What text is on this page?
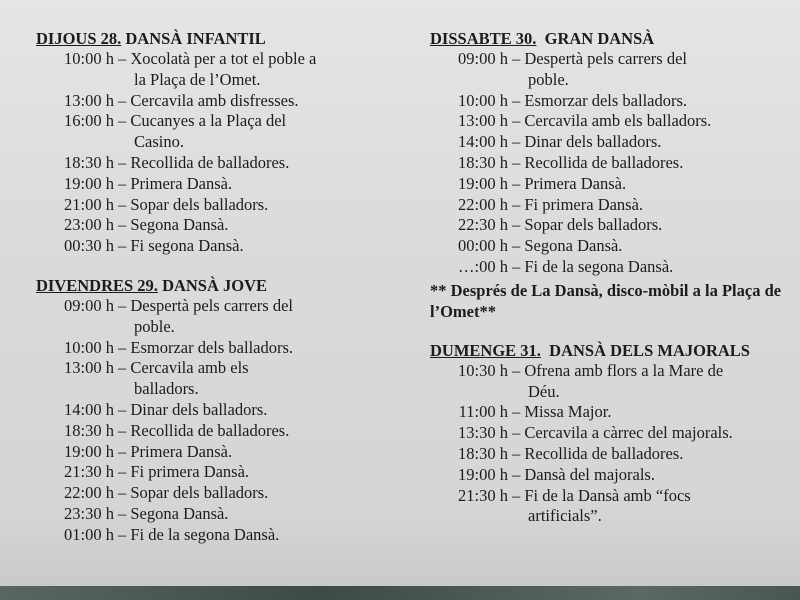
DIJOUS 28. DANSÀ INFANTIL
10:00 h – Xocolatà per a tot el poble a
la Plaça de l’Omet.
13:00 h – Cercavila amb disfresses.
16:00 h – Cucanyes a la Plaça del
Casino.
18:30 h – Recollida de balladores.
19:00 h – Primera Dansà.
21:00 h – Sopar dels balladors.
23:00 h – Segona Dansà.
00:30 h – Fi segona Dansà.
DIVENDRES 29. DANSÀ JOVE
09:00 h – Despertà pels carrers del
poble.
10:00 h – Esmorzar dels balladors.
13:00 h – Cercavila amb els
balladors.
14:00 h – Dinar dels balladors.
18:30 h – Recollida de balladores.
19:00 h – Primera Dansà.
21:30 h – Fi primera Dansà.
22:00 h – Sopar dels balladors.
23:30 h – Segona Dansà.
01:00 h – Fi de la segona Dansà.
DISSABTE 30.  GRAN DANSÀ
09:00 h – Despertà pels carrers del
poble.
10:00 h – Esmorzar dels balladors.
13:00 h – Cercavila amb els balladors.
14:00 h – Dinar dels balladors.
18:30 h – Recollida de balladores.
19:00 h – Primera Dansà.
22:00 h – Fi primera Dansà.
22:30 h – Sopar dels balladors.
00:00 h – Segona Dansà.
…:00 h – Fi de la segona Dansà.
** Després de La Dansà, disco-mòbil a la Plaça de l’Omet**
DUMENGE 31.  DANSÀ DELS MAJORALS
10:30 h – Ofrena amb flors a la Mare de
Déu.
11:00 h – Missa Major.
13:30 h – Cercavila a càrrec del majorals.
18:30 h – Recollida de balladores.
19:00 h – Dansà del majorals.
21:30 h – Fi de la Dansà amb “focs
artificials”.
